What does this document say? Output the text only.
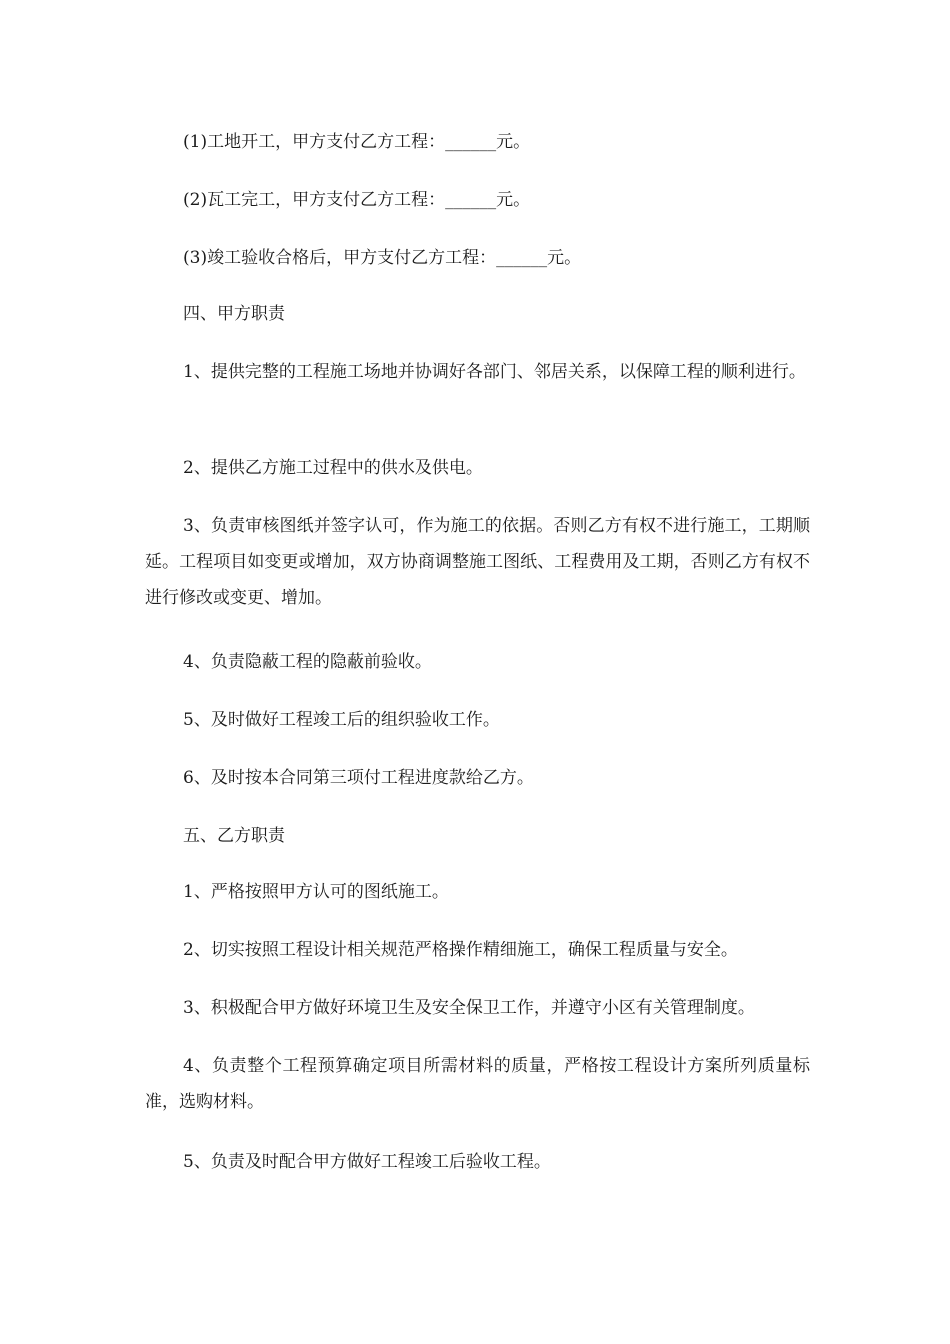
(1)工地开工，甲方支付乙方工程：______元。

(2)瓦工完工，甲方支付乙方工程：______元。

(3)竣工验收合格后，甲方支付乙方工程：______元。

四、甲方职责

1、提供完整的工程施工场地并协调好各部门、邻居关系，以保障工程的顺利进行。

2、提供乙方施工过程中的供水及供电。

3、负责审核图纸并签字认可，作为施工的依据。否则乙方有权不进行施工，工期顺延。工程项目如变更或增加，双方协商调整施工图纸、工程费用及工期，否则乙方有权不进行修改或变更、增加。

4、负责隐蔽工程的隐蔽前验收。

5、及时做好工程竣工后的组织验收工作。

6、及时按本合同第三项付工程进度款给乙方。

五、乙方职责

1、严格按照甲方认可的图纸施工。

2、切实按照工程设计相关规范严格操作精细施工，确保工程质量与安全。

3、积极配合甲方做好环境卫生及安全保卫工作，并遵守小区有关管理制度。

4、负责整个工程预算确定项目所需材料的质量，严格按工程设计方案所列质量标准，选购材料。

5、负责及时配合甲方做好工程竣工后验收工程。
